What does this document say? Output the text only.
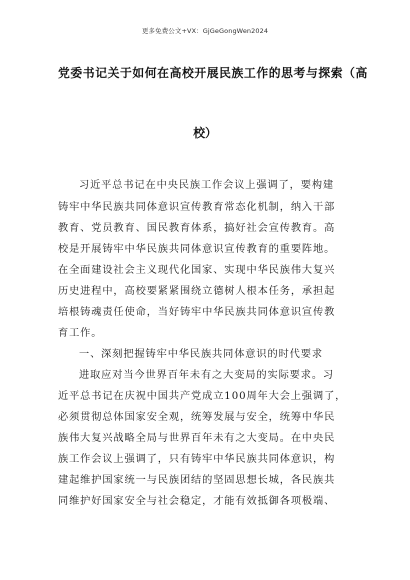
更多免费公文+VX：GjGeGongWen2024
党委书记关于如何在高校开展民族工作的思考与探索（高
校）
习近平总书记在中央民族工作会议上强调了，要构建
铸牢中华民族共同体意识宣传教育常态化机制，纳入干部
教育、党员教育、国民教育体系，搞好社会宣传教育。高
校是开展铸牢中华民族共同体意识宣传教育的重要阵地。
在全面建设社会主义现代化国家、实现中华民族伟大复兴
历史进程中，高校要紧紧围绕立德树人根本任务，承担起
培根铸魂责任使命，当好铸牢中华民族共同体意识宣传教
育工作。
一、深刻把握铸牢中华民族共同体意识的时代要求
进取应对当今世界百年未有之大变局的实际要求。习
近平总书记在庆祝中国共产党成立100周年大会上强调了，
必须贯彻总体国家安全观，统筹发展与安全，统筹中华民
族伟大复兴战略全局与世界百年未有之大变局。在中央民
族工作会议上强调了，只有铸牢中华民族共同体意识，构
建起维护国家统一与民族团结的坚固思想长城，各民族共
同维护好国家安全与社会稳定，才能有效抵御各项极端、
